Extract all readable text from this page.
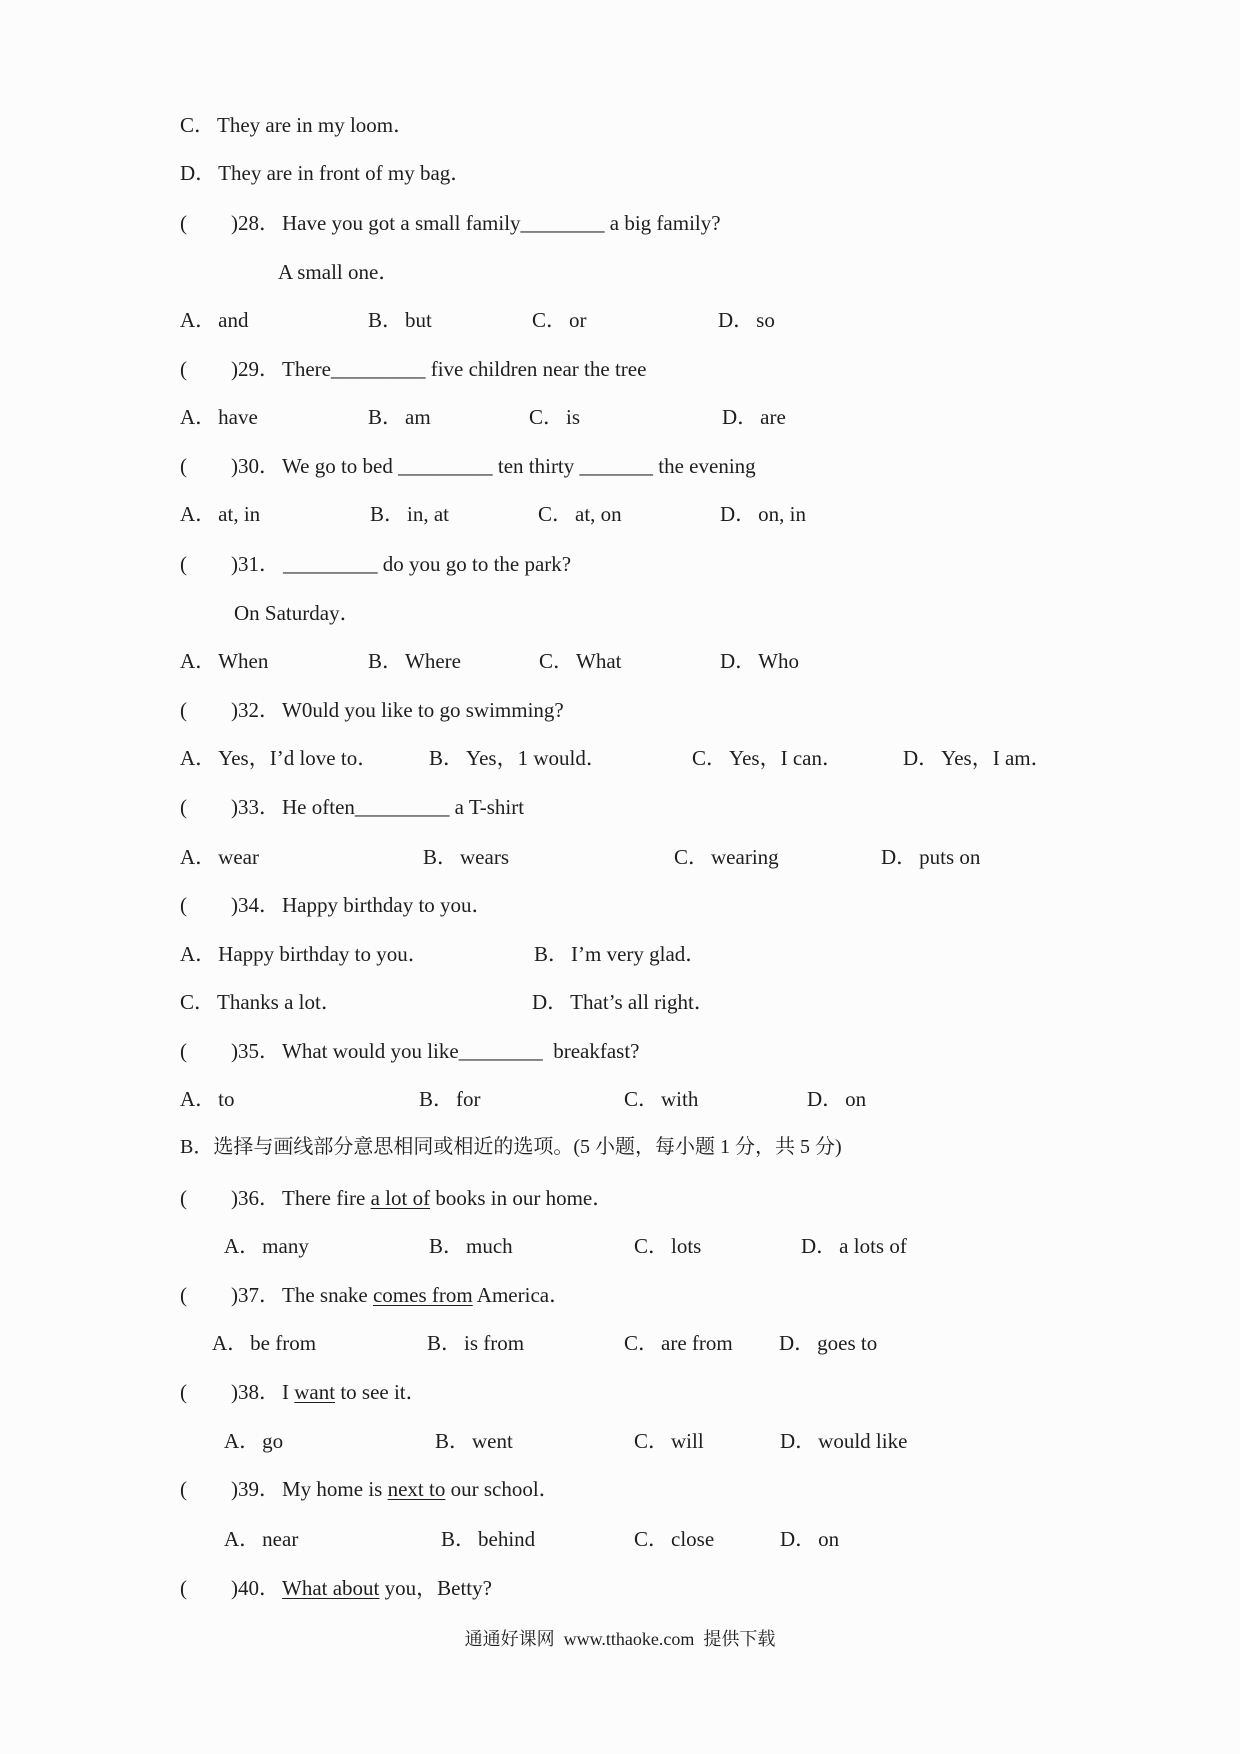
C．They are in my loom．
D．They are in front of my bag．
( )28． Have you got a small family________ a big family?
A small one．
A．and	B．but	C．or	D．so
( )29． There_________ five children near the tree
A．have	B．am	C．is	D．are
( )30． We go to bed _________ ten thirty _______ the evening
A．at, in	B．in, at	C．at, on	D．on, in
( )31． _________ do you go to the park?
On Saturday．
A．When	B．Where	C．What	D．Who
( )32． W0uld you like to go swimming?
A．Yes，I’d love to． B．Yes，1 would．	C．Yes，I can．	D．Yes，I am．
( )33． He often_________ a T-shirt
A．wear	B．wears	C．wearing	D．puts on
( )34． Happy birthday to you．
A．Happy birthday to you．	B．I’m very glad．
C．Thanks a lot．	D．That’s all right．
( )35． What would you like________  breakfast?
A．to	B．for	C．with	D．on
B．选择与画线部分意思相同或相近的选项。(5 小题，每小题 1 分，共 5 分)
( )36． There fire a lot of books in our home．
A．many	B．much	C．lots	D．a lots of
( )37． The snake comes from America．
A．be from	B．is from	C．are from D．goes to
( )38． I want to see it．
A．go	B．went	C．will	D．would like
( )39． My home is next to our school．
A．near	B．behind	C．close	D．on
( )40． What about you，Betty?
通通好课网  www.tthaoke.com  提供下载
